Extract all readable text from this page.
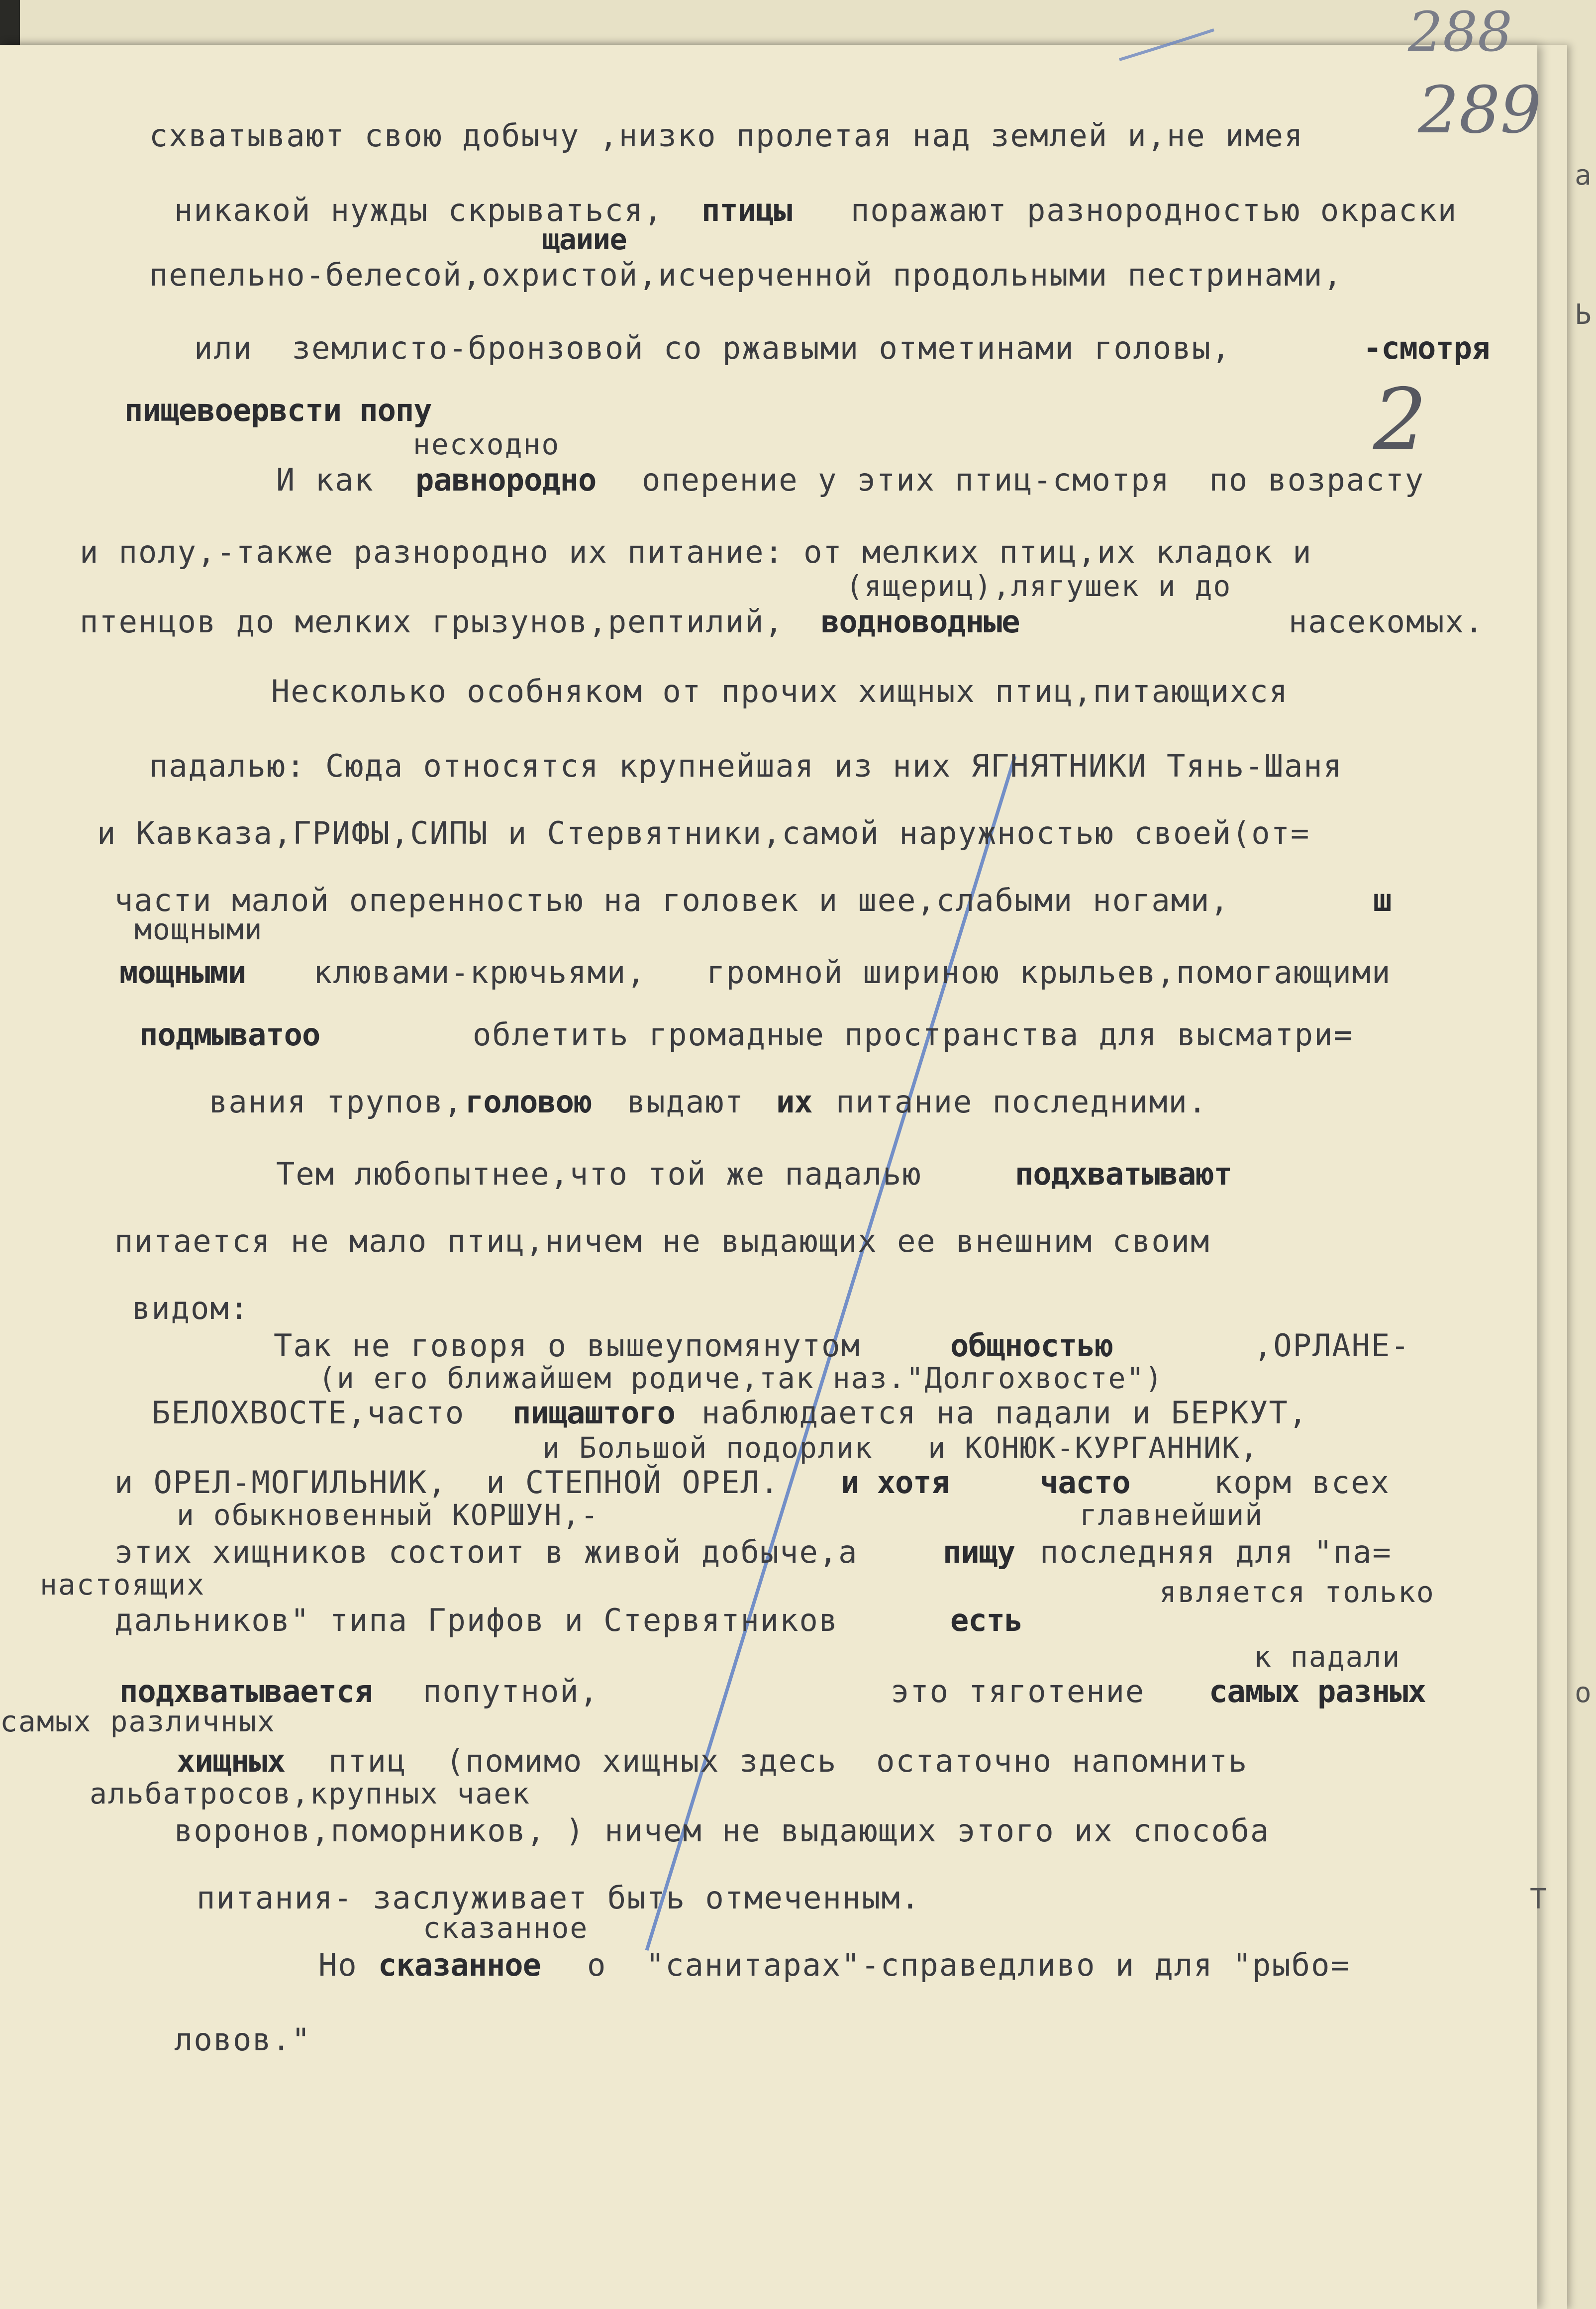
288
289
2
а
Ь
о
Т

схватывают свою добычу ,низко пролетая над землей и,не имея

никакой нужды скрываться, птицы поражают разнородностью окраски

щаиие

пепельно-белесой,охристой,исчерченной продольными пестринами,

или  землисто-бронзовой со ржавыми отметинами головы,	-смотря

пищевоервсти попу

несходно

И как равнородно оперение у этих птиц-смотря  по возрасту

и полу,-также разнородно их питание: от мелких птиц,их кладок и

(ящериц),лягушек и до

птенцов до мелких грызунов,рептилий, водноводные	насекомых.

Несколько особняком от прочих хищных птиц,питающихся

падалью: Сюда относятся крупнейшая из них ЯГНЯТНИКИ Тянь-Шаня

и Кавказа,ГРИФЫ,СИПЫ и Стервятники,самой наружностью своей(от=

части малой оперенностью на головек и шее,слабыми ногами,	ш

мощными

мощными клювами-крючьями, громной шириною крыльев,помогающими

подмыватоо	облетить громадные пространства для высматри=

вания трупов, головою выдают их питание последними.

Тем любопытнее,что той же падалью	подхватывают

питается не мало птиц,ничем не выдающих ее внешним своим

видом:

Так не говоря о вышеупомянутом	общностью	,ОРЛАНЕ-

(и его ближайшем родиче,так наз."Долгохвосте")

БЕЛОХВОСТЕ,часто пищаштого наблюдается на падали и БЕРКУТ,

и Большой подорлик   и КОНЮК-КУРГАННИК,

и ОРЕЛ-МОГИЛЬНИК,  и СТЕПНОЙ ОРЕЛ. и хотя	часто	корм всех

и обыкновенный КОРШУН,-	главнейший

этих хищников состоит в живой добыче,а	пищу последняя для "па=

настоящих	является только

дальников" типа Грифов и Стервятников	есть

к падали

подхватывается попутной,	это тяготение самых разных

самых различных

хищных птиц  (помимо хищных здесь  остаточно напомнить

альбатросов,крупных чаек

воронов,поморников, ) ничем не выдающих этого их способа

питания- заслуживает быть отмеченным.

сказанное

Но сказанное о  "санитарах"-справедливо и для "рыбо=

ловов."
